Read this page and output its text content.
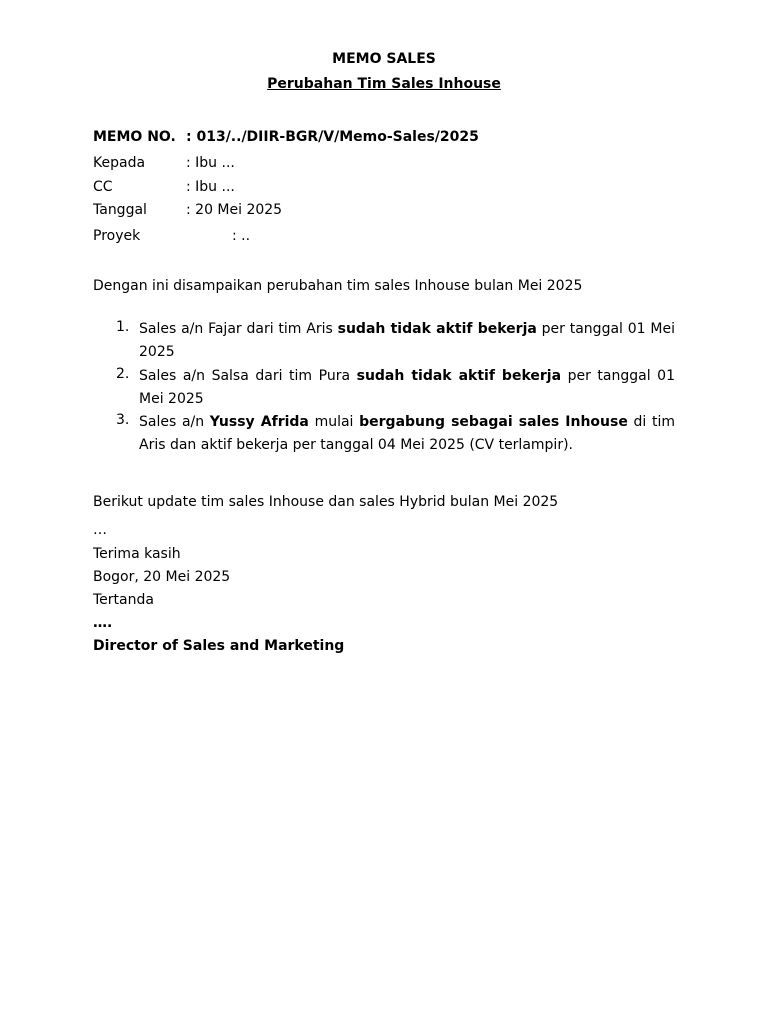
MEMO SALES
Perubahan Tim Sales Inhouse
MEMO NO. : 013/../DIIR-BGR/V/Memo-Sales/2025
Kepada	: Ibu ...
CC	: Ibu ...
Tanggal	: 20 Mei 2025
Proyek	: ..
Dengan ini disampaikan perubahan tim sales Inhouse bulan Mei 2025
1. Sales a/n Fajar dari tim Aris sudah tidak aktif bekerja per tanggal 01 Mei 2025
2. Sales a/n Salsa dari tim Pura sudah tidak aktif bekerja per tanggal 01 Mei 2025
3. Sales a/n Yussy Afrida mulai bergabung sebagai sales Inhouse di tim Aris dan aktif bekerja per tanggal 04 Mei 2025 (CV terlampir).
Berikut update tim sales Inhouse dan sales Hybrid bulan Mei 2025
…
Terima kasih
Bogor, 20 Mei 2025
Tertanda
….
Director of Sales and Marketing
